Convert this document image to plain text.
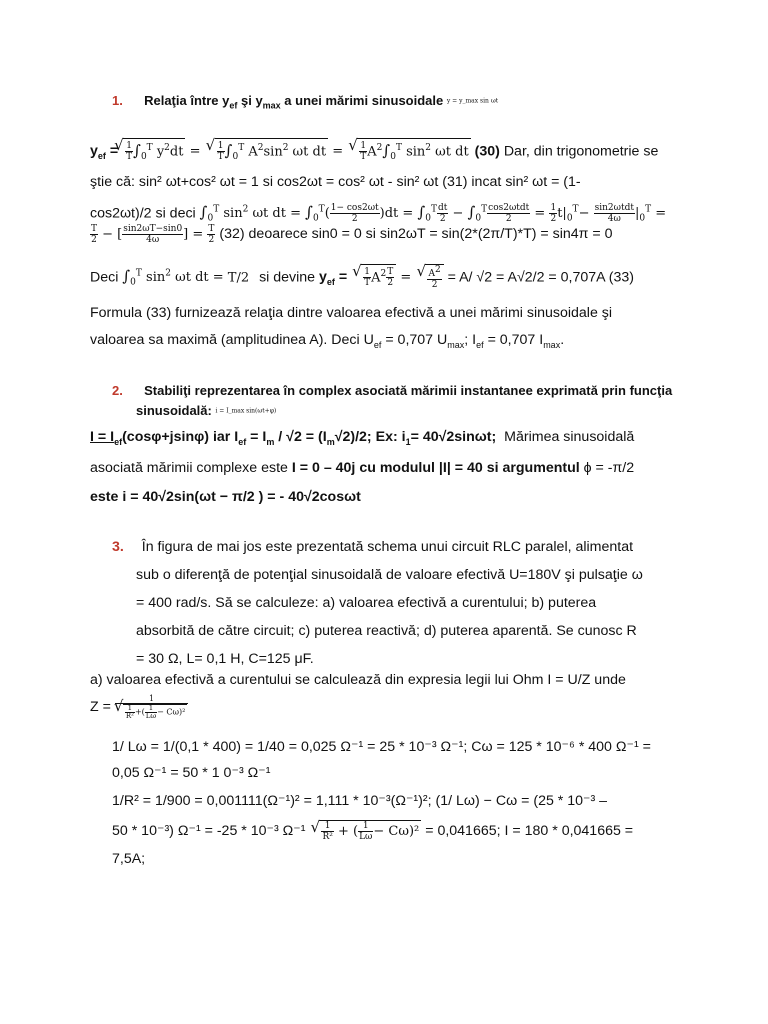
1. Relaţia între $y_{ef}$ şi $y_{max}$ a unei mărimi sinusoidale y = y_max sin ωt
$y_{ef}$ = √ $\frac{1}{T} \int_0^T$ $y^2dt$ = √ $\frac{1}{T} \int_0^T$ $A^2\sin^2$ ωt dt = √ $\frac{1}{T} A^2\int_0^T$ $\sin^2 \omega t$ dt (30) Dar, din trigonometrie se
ştie că: sin² ωt+cos² ωt = 1 si cos2ωt = cos² ωt - sin² ωt (31) incat sin² ωt = (1-
cos2ωt)/2 si deci $\int_0^T$ $\sin^2 \omega t$ dt = $\int_0^T( \frac{1- \cos 2\omega t}{2} )dt = \int_0^T \frac{dt}{2} - \int_0^T \frac{\text{cos2ωtdt}}{2} = \frac{1}{2} t|_0^T- \frac{\text{sin2ωtdt}}{4\omega} |_0^T$ =
$\frac{T}{2}$ − [ $\frac{\sin 2\omega T-\sin 0}{4\omega}$ ] = $\frac{T}{2} (32)$ deoarece sin0 = 0 si sin2ωT = sin(2*(2π/T)*T) = sin4π = 0
Deci $\int_0^T$ $\sin^2 \omega t$ dt = T/2 si devine $y_{ef}$ = √ $\frac{1}{T} A^2 \frac{T}{2}$ = √ $\frac{A^2}{2} = A/$ √2 = A√2/2 = 0,707A (33)
Formula (33) furnizează relaţia dintre valoarea efectivă a unei mărimi sinusoidale şi
valoarea sa maximă (amplitudinea A). Deci $U_{ef} = 0,707$ $U_{max}$; $I_{ef} = 0,707$ $I_{max}$.
2. Stabiliţi reprezentarea în complex asociată mărimii instantanee exprimată prin funcţia
sinusoidală: i = I_max sin(ωt+φ)
$I = I_{ef}(\cos\varphi+jsin\varphi)$ iar $I_{ef} = I_m / √2 = (I_m√2)/2$; Ex: $i_1= 40√2\sin\omega t$; Mărimea sinusoidală
asociată mărimii complexe este I = 0 – 40j cu modulul |I| = 40 si argumentul ϕ = -π/2
este i = 40√2sin(ωt − π/2 ) = - 40√2cosωt
3. În figura de mai jos este prezentată schema unui circuit RLC paralel, alimentat
sub o diferenţă de potenţial sinusoidală de valoare efectivă U=180V şi pulsaţie ω
= 400 rad/s. Să se calculeze: a) valoarea efectivă a curentului; b) puterea
absorbită de către circuit; c) puterea reactivă; d) puterea aparentă. Se cunosc R
= 30 Ω, L= 0,1 H, C=125 μF.
a) valoarea efectivă a curentului se calculează din expresia legii lui Ohm I = U/Z unde
Z = 1
√ $\frac{1}{\text{R²}}$ +( $\frac{1}{L\omega} - C\omega)^2$
1/ Lω = 1/(0,1 * 400) = 1/40 = 0,025 Ω⁻¹ = 25 * 10⁻³ Ω⁻¹; Cω = 125 * 10⁻⁶ * 400 Ω⁻¹ =
0,05 Ω⁻¹ = 50 * 1 0⁻³ Ω⁻¹
1/R² = 1/900 = 0,001111(Ω⁻¹)² = 1,111 * 10⁻³(Ω⁻¹)²; (1/ Lω) − Cω = (25 * 10⁻³ –
50 * 10⁻³) Ω⁻¹ = -25 * 10⁻³ Ω⁻¹ √ $\frac{1}{\text{R²}}$ + ( $\frac{1}{L\omega} - C\omega)^2 = 0,041665$; I = 180 * 0,041665 =
7,5A;
